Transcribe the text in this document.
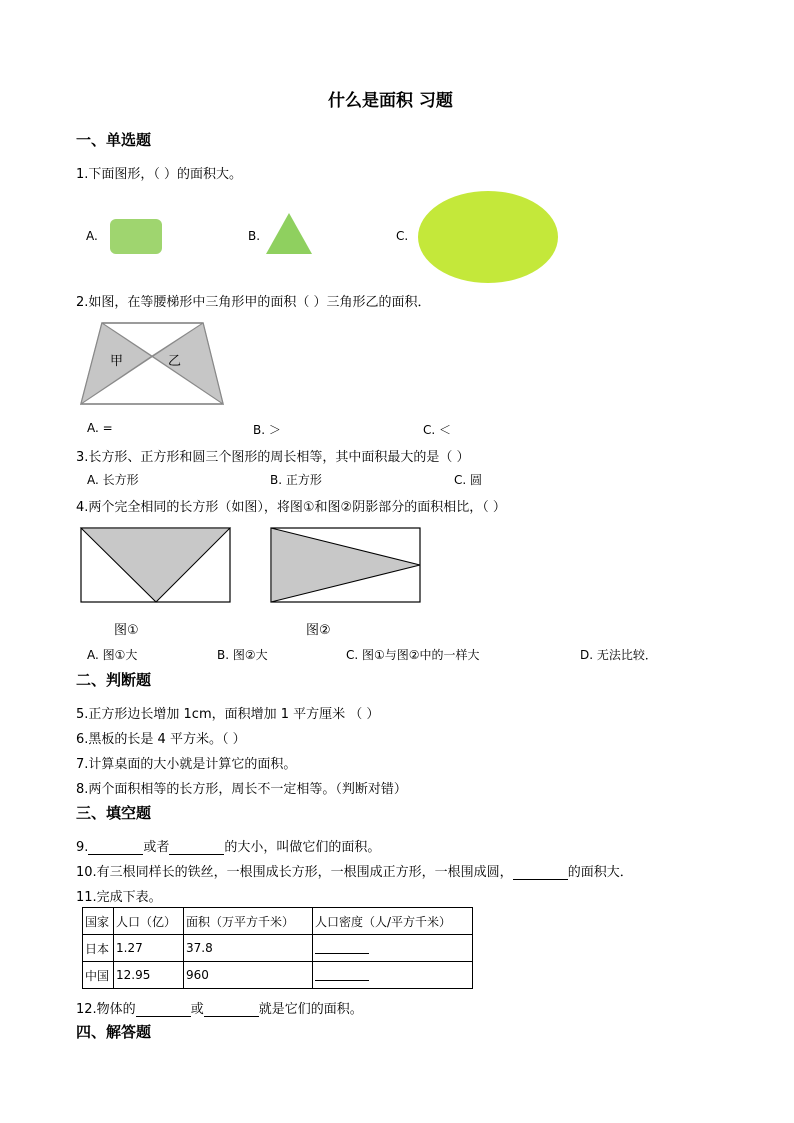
什么是面积 习题
一、单选题
1.下面图形，（ ）的面积大。
A.	B.	C.
2.如图，在等腰梯形中三角形甲的面积（ ）三角形乙的面积．
甲	乙
A. =	B. ＞	C. ＜
3.长方形、正方形和圆三个图形的周长相等，其中面积最大的是（ ）
A. 长方形	B. 正方形	C. 圆
4.两个完全相同的长方形（如图），将图①和图②阴影部分的面积相比，（ ）
图①	图②
A. 图①大	B. 图②大	C. 图①与图②中的一样大	D. 无法比较．
二、判断题
5.正方形边长增加 1cm，面积增加 1 平方厘米 （ ）
6.黑板的长是 4 平方米。（ ）
7.计算桌面的大小就是计算它的面积。
8.两个面积相等的长方形，周长不一定相等。（判断对错）
三、填空题
9.	或者	的大小，叫做它们的面积。
10.有三根同样长的铁丝，一根围成长方形，一根围成正方形，一根围成圆，	的面积大．
11.完成下表。
国家	人口（亿）	面积（万平方千米）	人口密度（人/平方千米）
日本	1.27	37.8	
中国	12.95	960	
12.物体的	或	就是它们的面积。
四、解答题
